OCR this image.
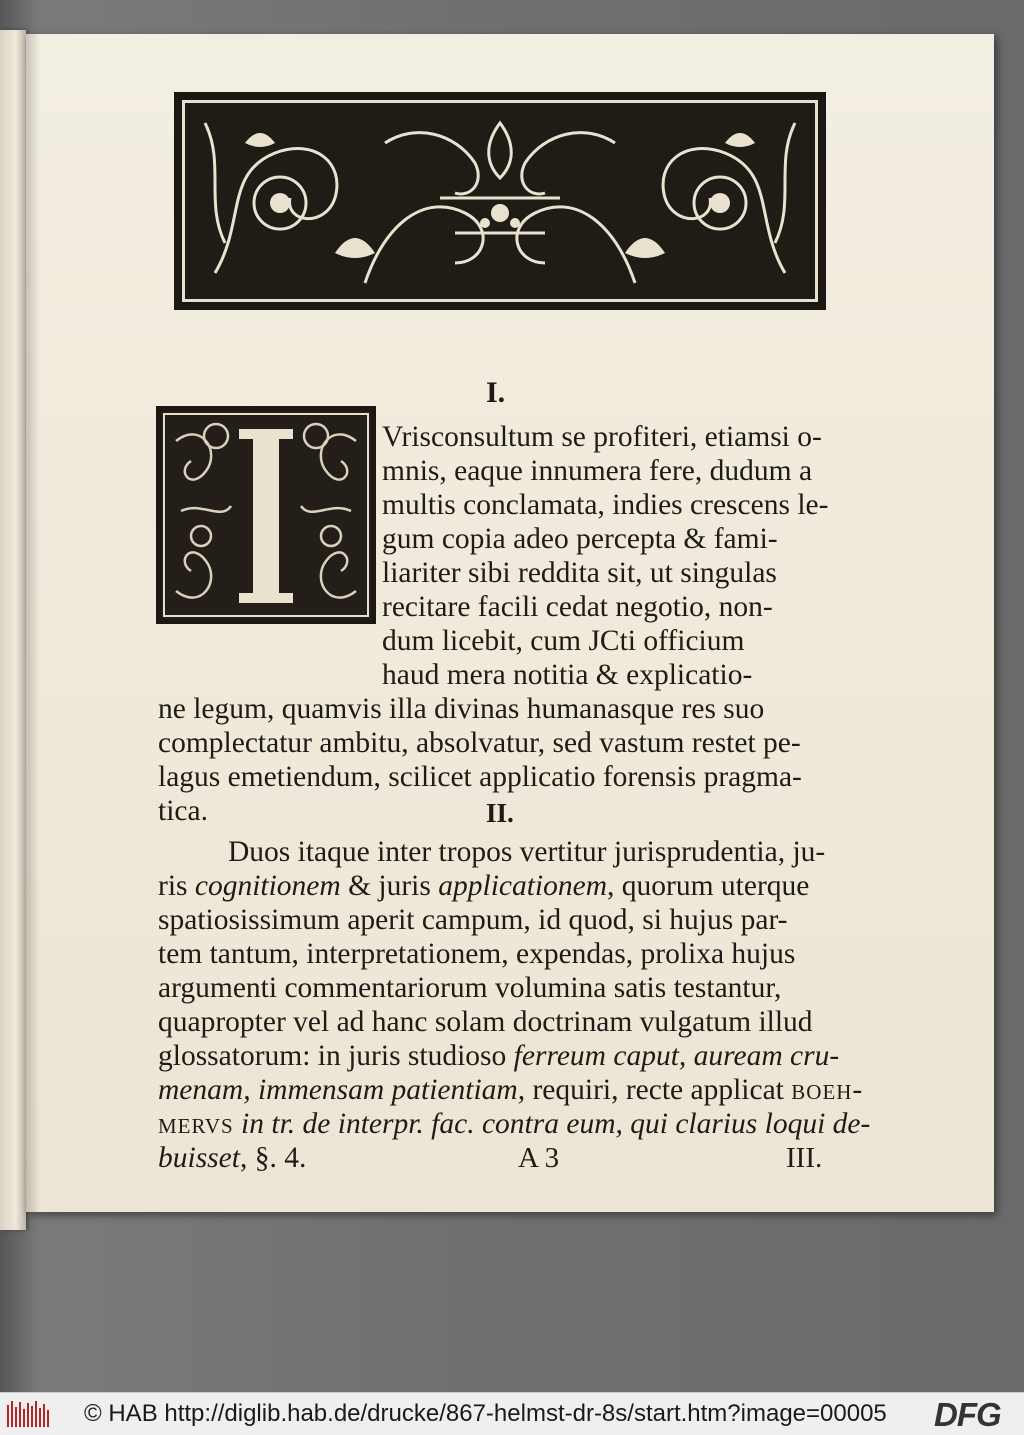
I.
Vrisconsultum se profiteri, etiamsi o-
mnis, eaque innumera fere, dudum a
multis conclamata, indies crescens le-
gum copia adeo percepta & fami-
liariter sibi reddita sit, ut singulas
recitare facili cedat negotio, non-
dum licebit, cum JCti officium
haud mera notitia & explicatio-
ne legum, quamvis illa divinas humanasque res suo
complectatur ambitu, absolvatur, sed vastum restet pe-
lagus emetiendum, scilicet applicatio forensis pragma-
tica.	II.
Duos itaque inter tropos vertitur jurisprudentia, ju-
ris cognitionem & juris applicationem, quorum uterque
spatiosissimum aperit campum, id quod, si hujus par-
tem tantum, interpretationem, expendas, prolixa hujus
argumenti commentariorum volumina satis testantur,
quapropter vel ad hanc solam doctrinam vulgatum illud
glossatorum: in juris studioso ferreum caput, auream cru-
menam, immensam patientiam, requiri, recte applicat boeh-
mervs in tr. de interpr. fac. contra eum, qui clarius loqui de-
buisset, §. 4.	A 3	III.
© HAB http://diglib.hab.de/drucke/867-helmst-dr-8s/start.htm?image=00005 DFG
